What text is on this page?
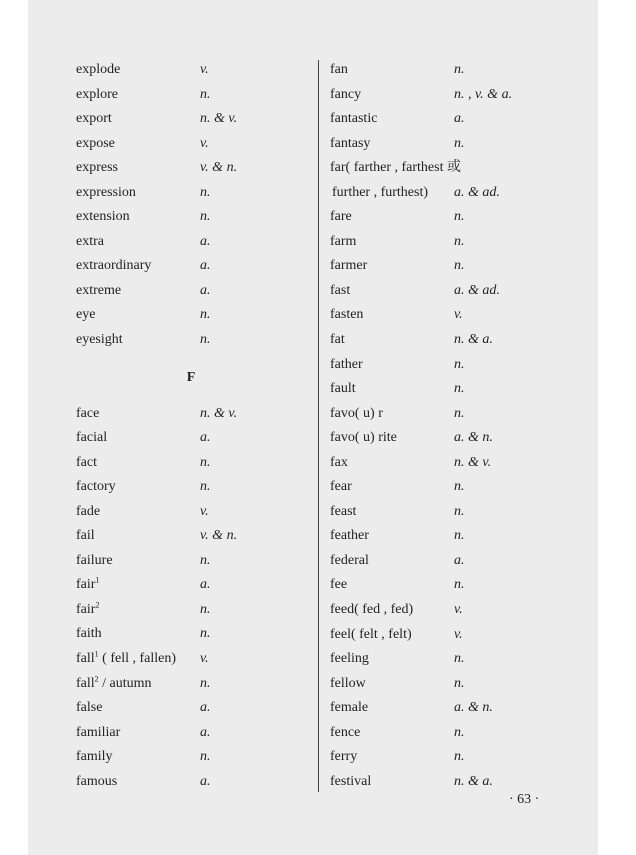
explode	v.
explore	n.
export	n. & v.
expose	v.
express	v. & n.
expression	n.
extension	n.
extra	a.
extraordinary	a.
extreme	a.
eye	n.
eyesight	n.
F
face	n. & v.
facial	a.
fact	n.
factory	n.
fade	v.
fail	v. & n.
failure	n.
fair$^1$	a.
fair$^2$	n.
faith	n.
fall$^1$ ( fell , fallen) v.
fall$^2$ / autumn	n.
false	a.
familiar	a.
family	n.
famous	a.
fan	n.
fancy	n. , v. & a.
fantastic	a.
fantasy	n.
far( farther , farthest 或
further , furthest) a. & ad.
fare	n.
farm	n.
farmer	n.
fast	a. & ad.
fasten	v.
fat	n. & a.
father	n.
fault	n.
favo( u) r	n.
favo( u) rite	a. & n.
fax	n. & v.
fear	n.
feast	n.
feather	n.
federal	a.
fee	n.
feed( fed , fed)	v.
feel( felt , felt)	v.
feeling	n.
fellow	n.
female	a. & n.
fence	n.
ferry	n.
festival	n. & a.
· 63 ·
